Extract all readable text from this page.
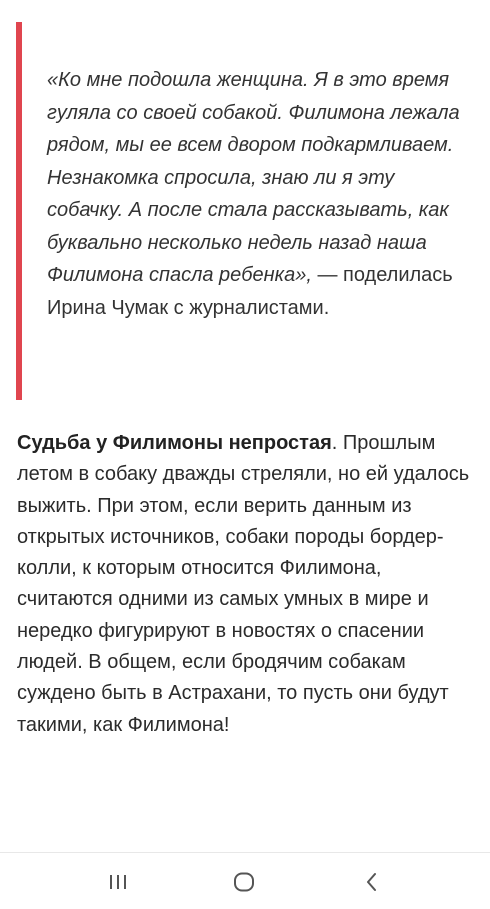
«Ко мне подошла женщина. Я в это время гуляла со своей собакой. Филимона лежала рядом, мы ее всем двором подкармливаем. Незнакомка спросила, знаю ли я эту собачку. А после стала рассказывать, как буквально несколько недель назад наша Филимона спасла ребенка», — поделилась Ирина Чумак с журналистами.

Судьба у Филимоны непростая. Прошлым летом в собаку дважды стреляли, но ей удалось выжить. При этом, если верить данным из открытых источников, собаки породы бордер-колли, к которым относится Филимона, считаются одними из самых умных в мире и нередко фигурируют в новостях о спасении людей. В общем, если бродячим собакам суждено быть в Астрахани, то пусть они будут такими, как Филимона!
